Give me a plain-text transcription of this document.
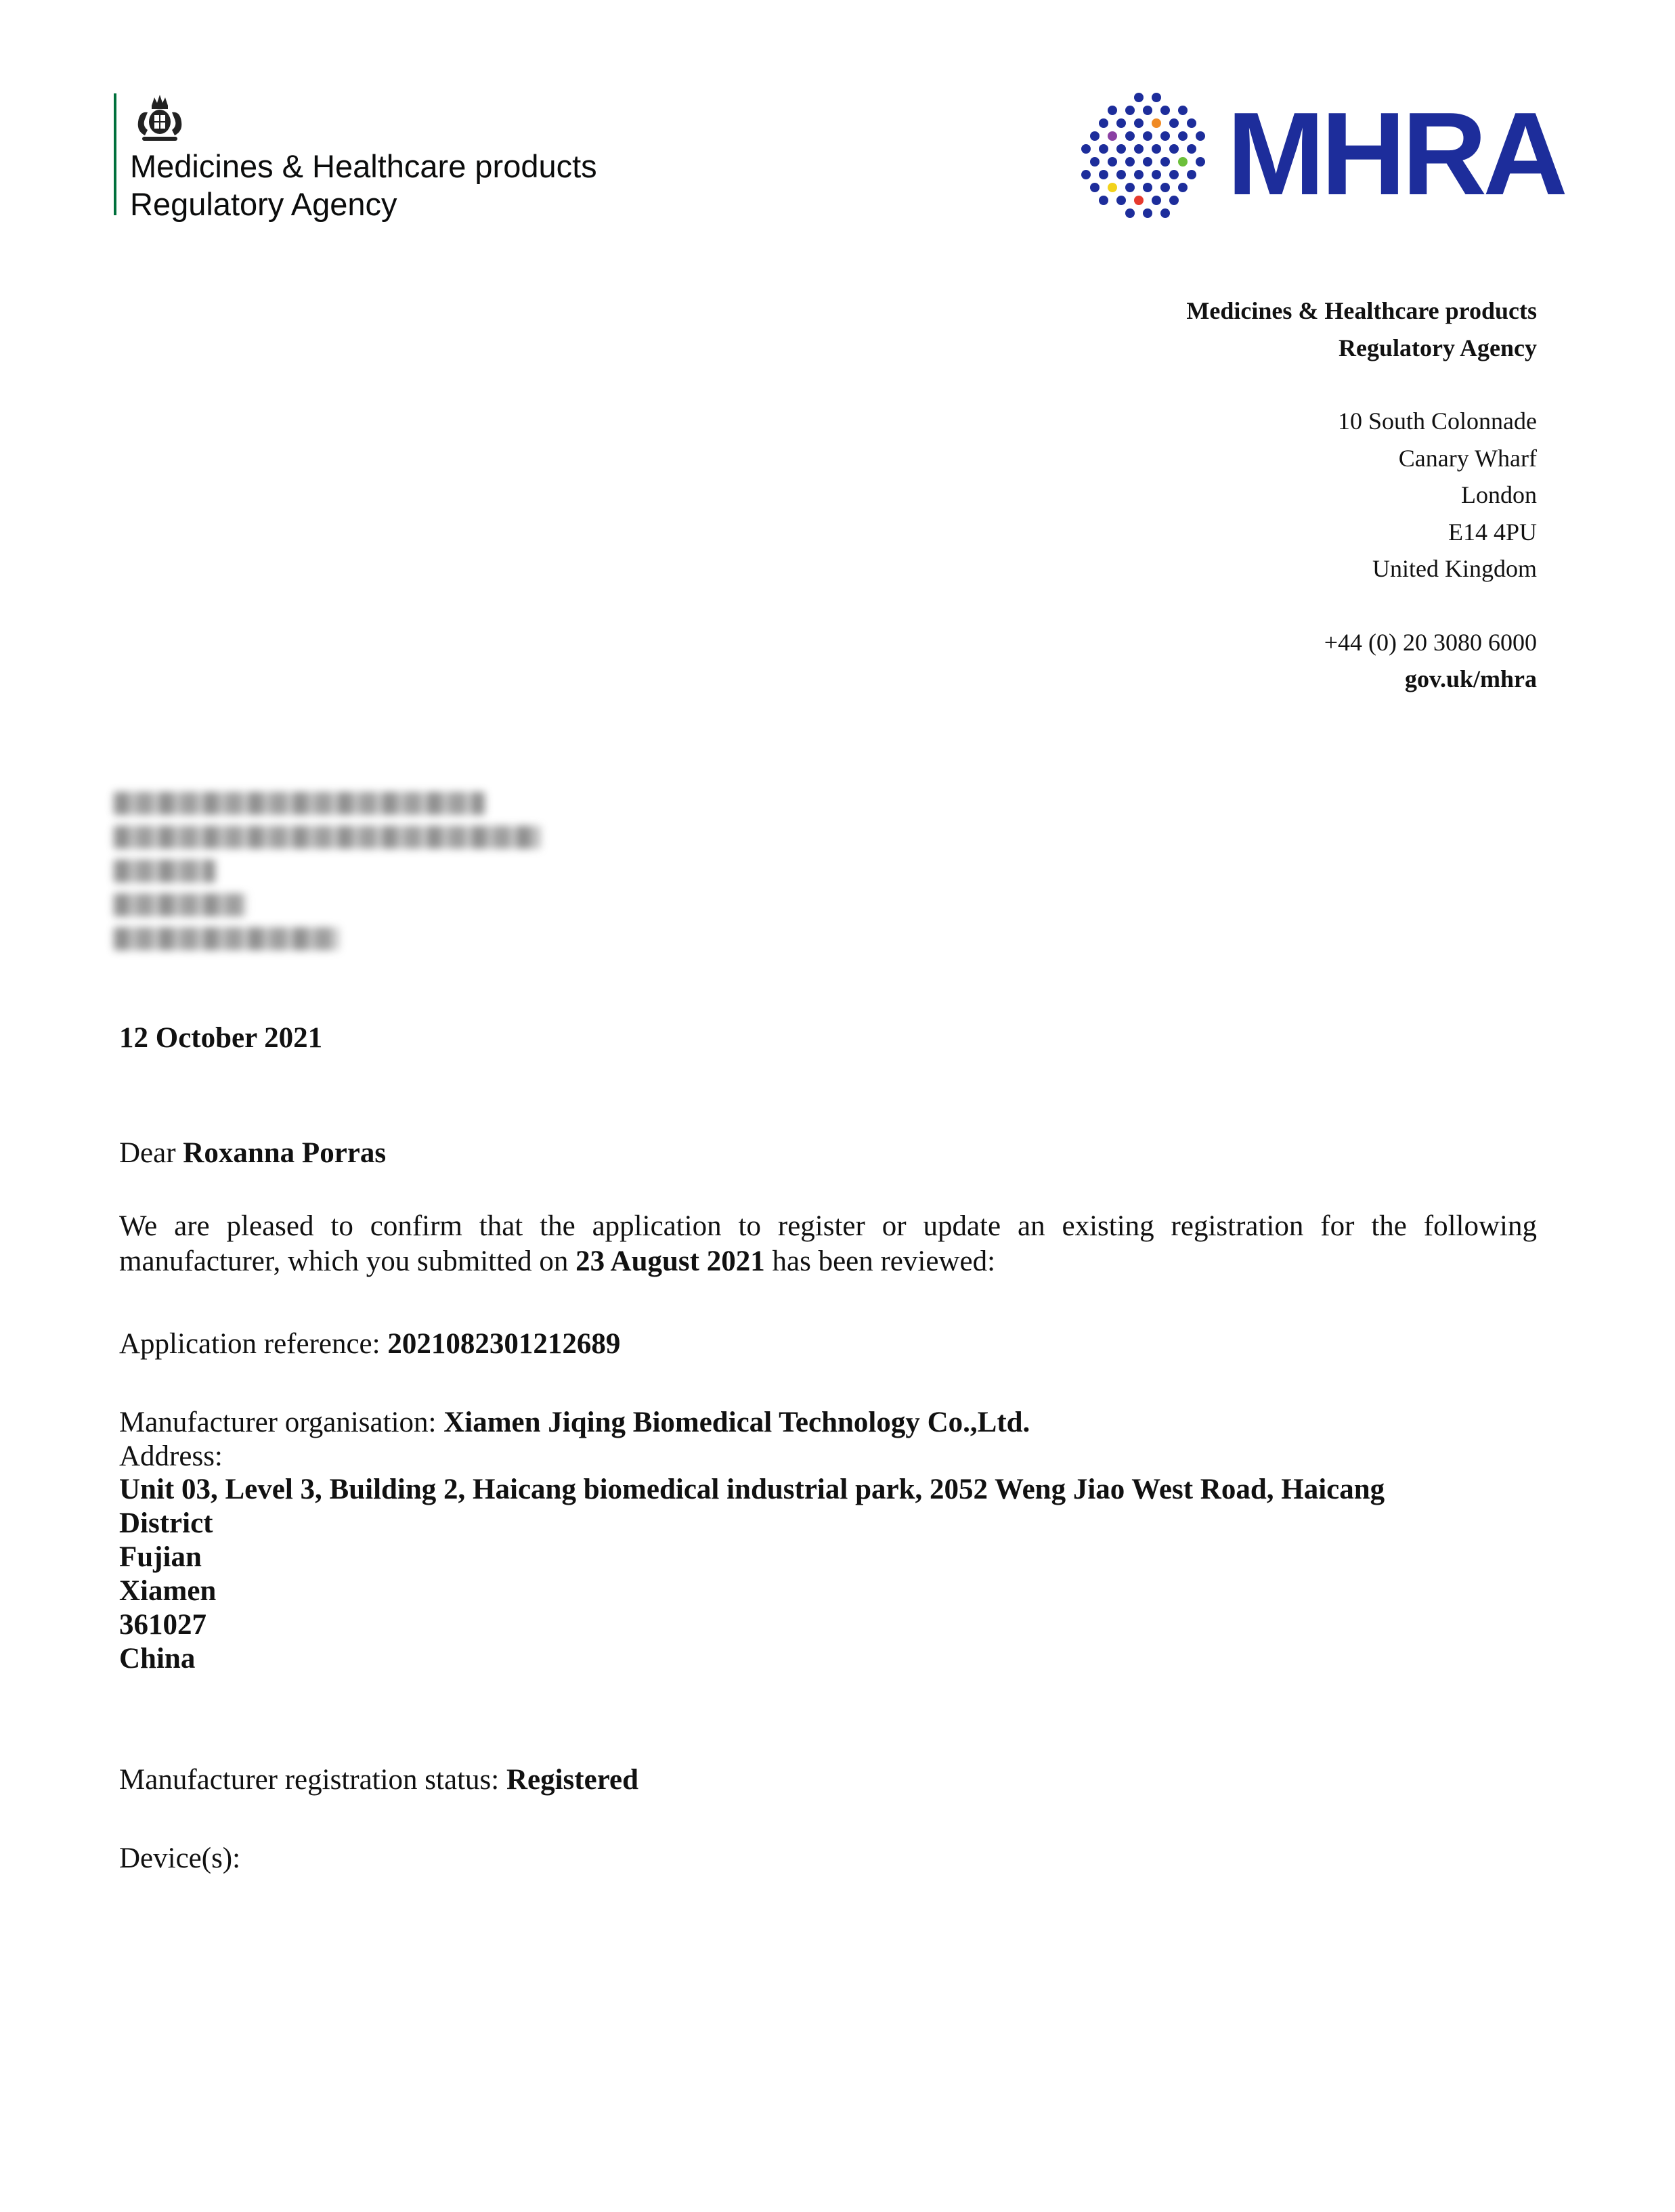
Medicines & Healthcare products
Regulatory Agency	MHRA
Medicines & Healthcare products
Regulatory Agency
10 South Colonnade
Canary Wharf
London
E14 4PU
United Kingdom
+44 (0) 20 3080 6000
gov.uk/mhra
12 October 2021
Dear Roxanna Porras
We are pleased to confirm that the application to register or update an existing registration for the following manufacturer, which you submitted on 23 August 2021 has been reviewed:
Application reference: 2021082301212689
Manufacturer organisation: Xiamen Jiqing Biomedical Technology Co.,Ltd.
Address:
Unit 03, Level 3, Building 2, Haicang biomedical industrial park, 2052 Weng Jiao West Road, Haicang
District
Fujian
Xiamen
361027
China
Manufacturer registration status: Registered
Device(s):
